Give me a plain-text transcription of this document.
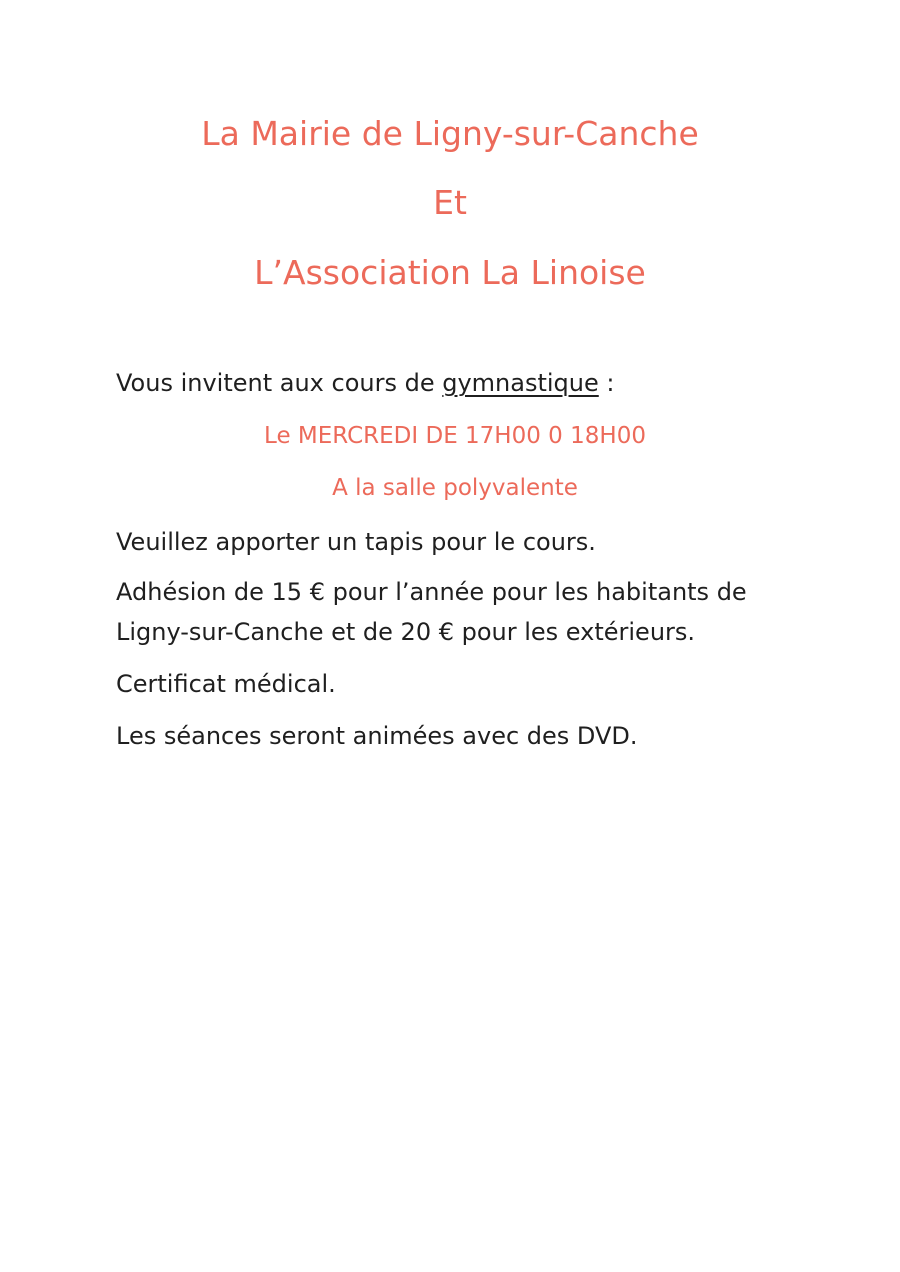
La Mairie de Ligny-sur-Canche
Et
L’Association La Linoise
Vous invitent aux cours de gymnastique :
Le MERCREDI DE 17H00 0 18H00
A la salle polyvalente
Veuillez apporter un tapis pour le cours.
Adhésion de 15 € pour l’année pour les habitants de
Ligny-sur-Canche et de 20 € pour les extérieurs.
Certificat médical.
Les séances seront animées avec des DVD.
